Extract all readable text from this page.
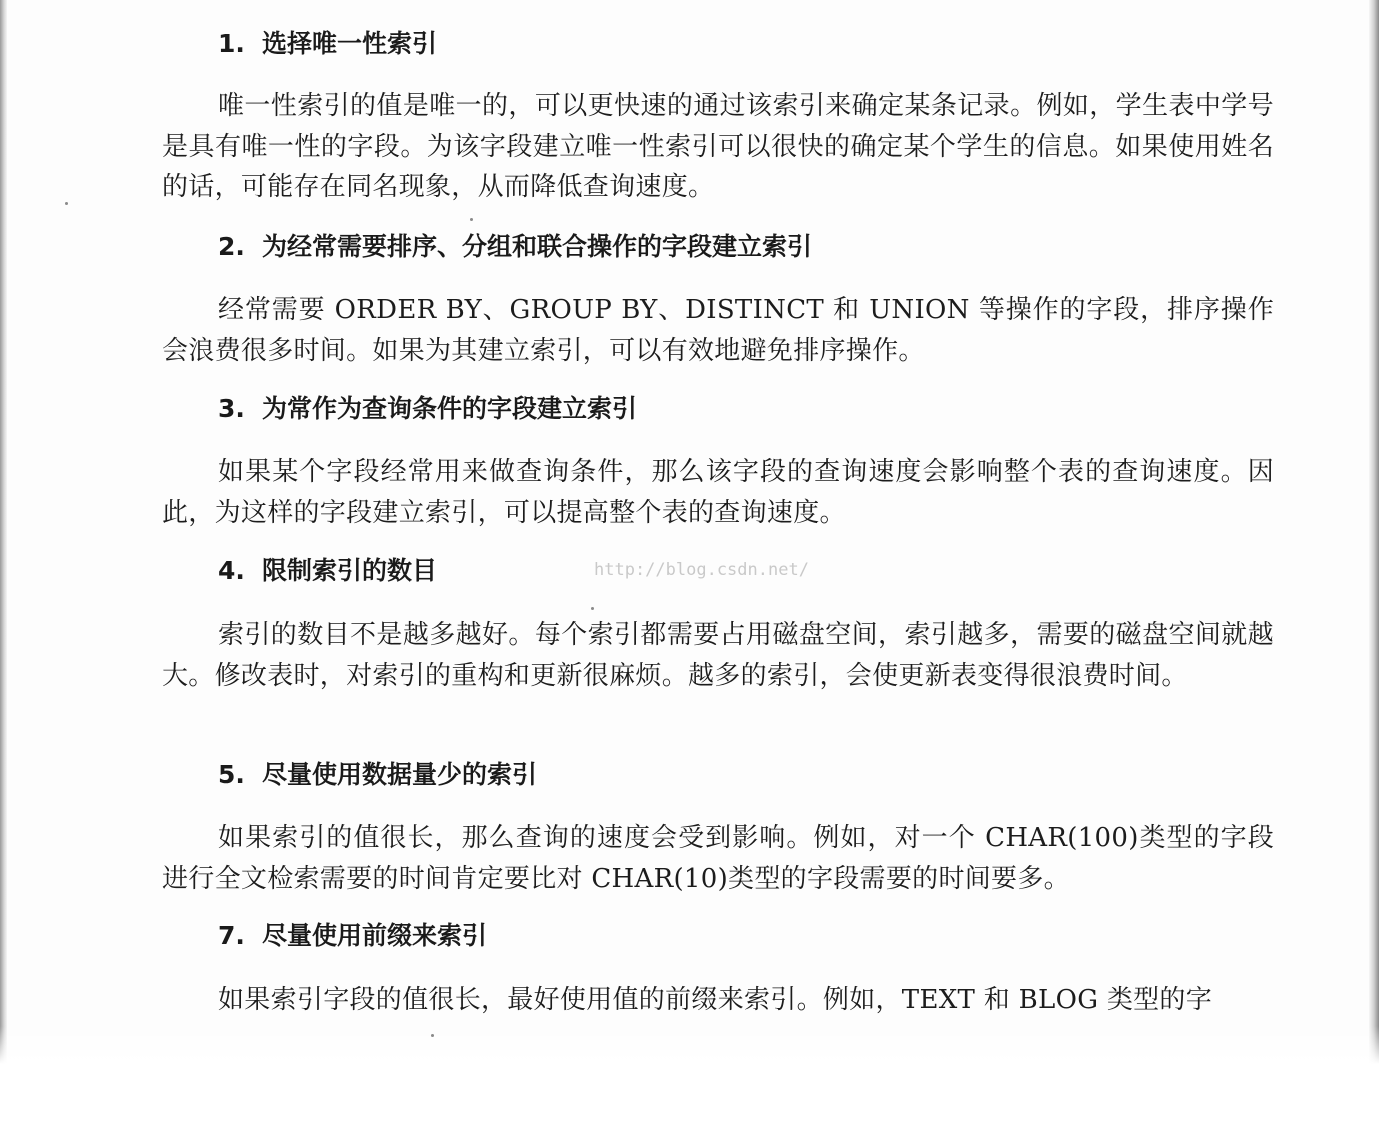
1. 选择唯一性索引

唯一性索引的值是唯一的，可以更快速的通过该索引来确定某条记录。例如，学生表中学号是具有唯一性的字段。为该字段建立唯一性索引可以很快的确定某个学生的信息。如果使用姓名的话，可能存在同名现象，从而降低查询速度。

2. 为经常需要排序、分组和联合操作的字段建立索引

经常需要 ORDER BY、GROUP BY、DISTINCT 和 UNION 等操作的字段，排序操作会浪费很多时间。如果为其建立索引，可以有效地避免排序操作。

3. 为常作为查询条件的字段建立索引

如果某个字段经常用来做查询条件，那么该字段的查询速度会影响整个表的查询速度。因此，为这样的字段建立索引，可以提高整个表的查询速度。

4. 限制索引的数目	http://blog.csdn.net/

索引的数目不是越多越好。每个索引都需要占用磁盘空间，索引越多，需要的磁盘空间就越大。修改表时，对索引的重构和更新很麻烦。越多的索引，会使更新表变得很浪费时间。

5. 尽量使用数据量少的索引

如果索引的值很长，那么查询的速度会受到影响。例如，对一个 CHAR(100)类型的字段进行全文检索需要的时间肯定要比对 CHAR(10)类型的字段需要的时间要多。

7. 尽量使用前缀来索引

如果索引字段的值很长，最好使用值的前缀来索引。例如，TEXT 和 BLOG 类型的字
